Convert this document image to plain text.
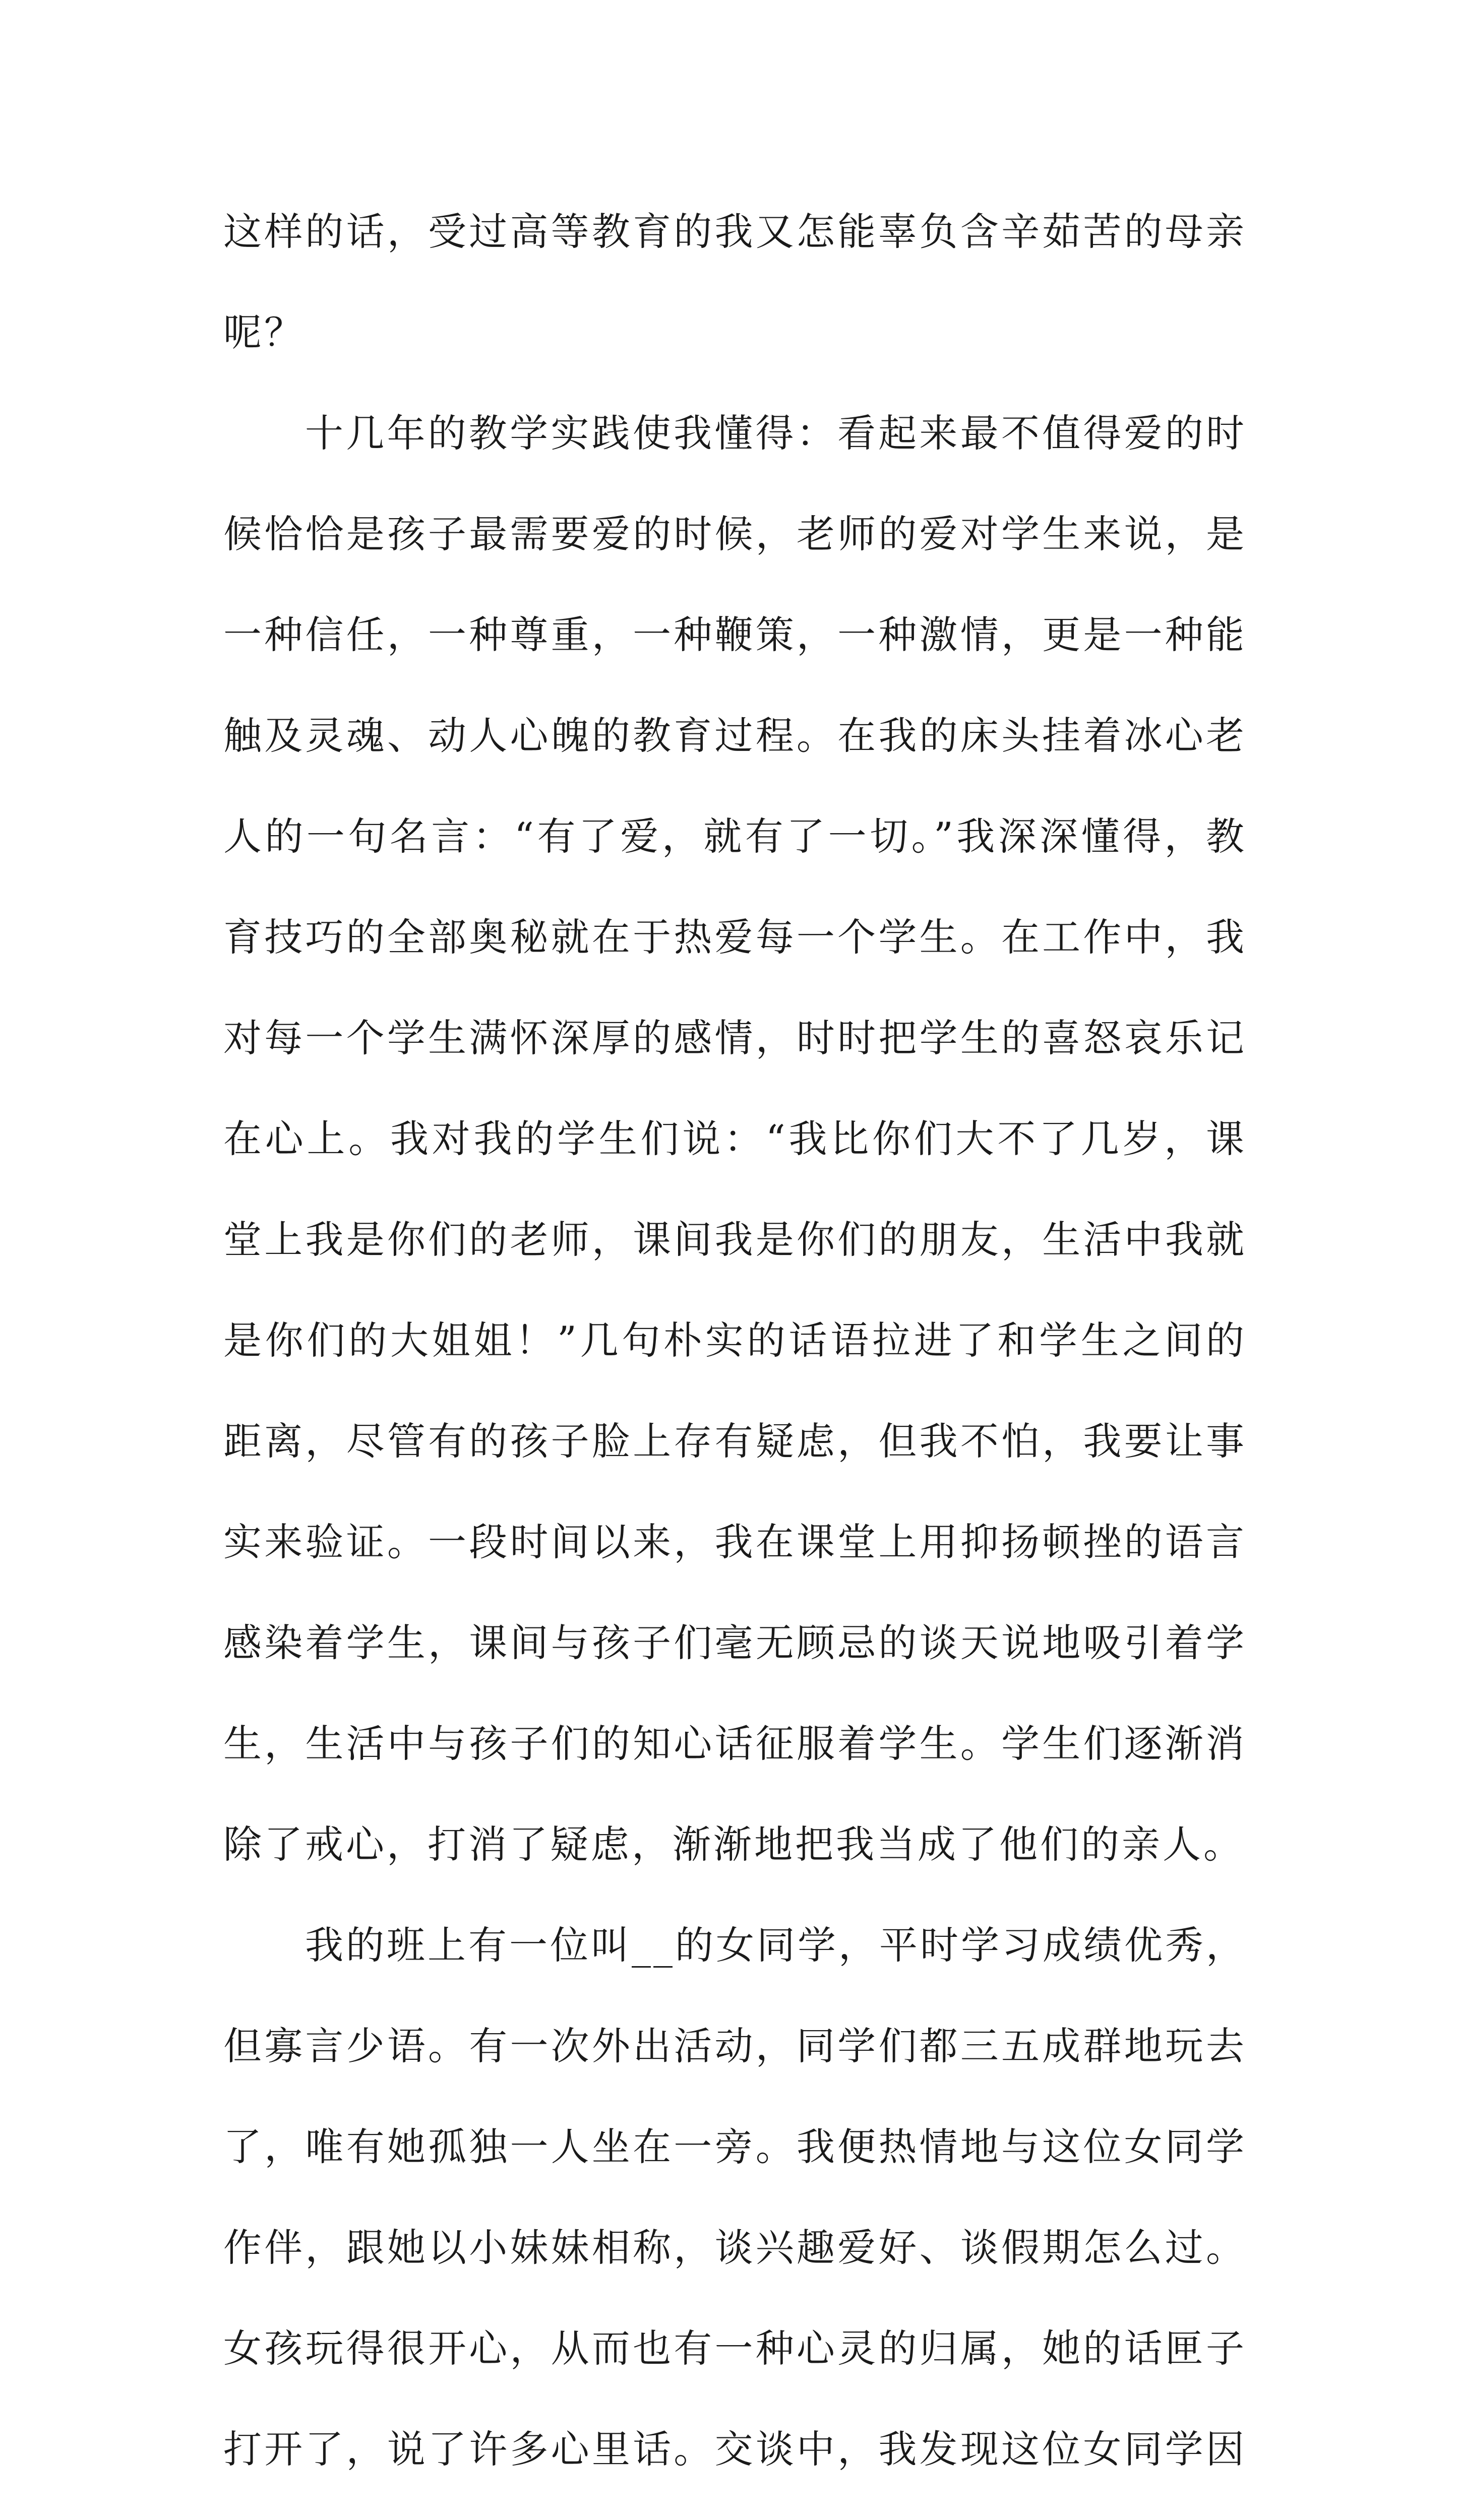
这样的话，受过高等教育的我又怎能辜负含辛茹苦的母亲呢？

十几年的教学实践使我懂得：看起来最不值得爱的时候恰恰是孩子最需要爱的时候，老师的爱对学生来说，是一种信任，一种尊重，一种鞭策，一种激情，更是一种能触及灵魂、动人心魄的教育过程。在我的床头挂着冰心老人的一句名言：“有了爱，就有了一切。”我深深懂得，教育技巧的全部奥秘就在于热爱每一个学生。在工作中，我对每一个学生满怀深厚的感情，时时把学生的喜怒哀乐记在心上。我对我的学生们说：“我比你们大不了几岁，课堂上我是你们的老师，课间我是你们的朋友，生活中我就是你们的大姐姐！”几句朴实的话语拉进了和学生之间的距离，尽管有的孩子脸上存有疑虑，但我不怕，我要让事实来验证。一段时间以来，我在课堂上用抑扬顿挫的语言感染着学生，课间与孩子们毫无顾忌的谈天说地吸引着学生，生活中与孩子们的知心话征服着学生。学生们逐渐消除了戒心，打消了疑虑，渐渐地把我当成了他们的亲人。

我的班上有一位叫__的女同学，平时学习成绩优秀，但寡言少语。有一次外出活动，同学们都三五成群地玩去了，唯有她孤独一人坐在一旁。我便热情地与这位女同学作伴，跟她以小妹妹相称，谈兴趣爱好、谈假期怎么过。女孩玩得很开心，从而也有一种心灵的归属，她的话匣子打开了，说了许多心里话。交谈中，我发现这位女同学因
